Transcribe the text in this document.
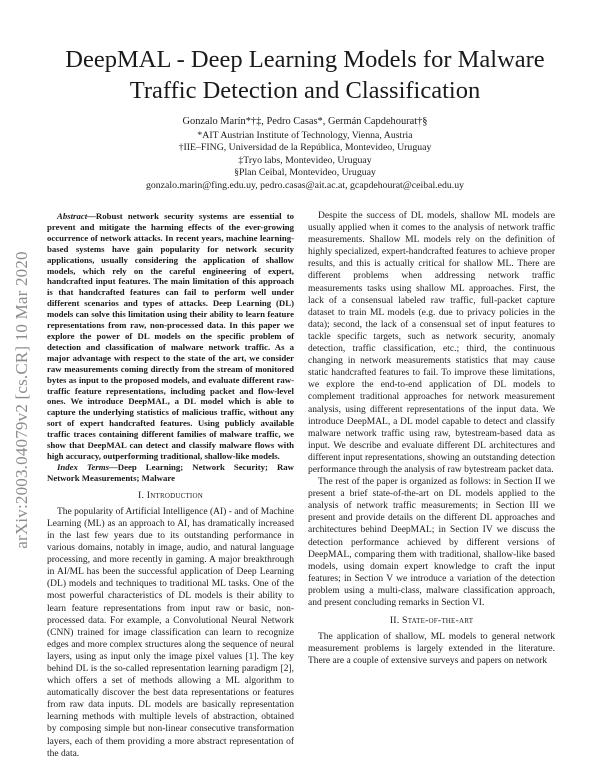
arXiv:2003.04079v2 [cs.CR] 10 Mar 2020
DeepMAL - Deep Learning Models for Malware Traffic Detection and Classification
Gonzalo Marín*†‡, Pedro Casas*, Germán Capdehourat†§
*AIT Austrian Institute of Technology, Vienna, Austria
†IIE–FING, Universidad de la República, Montevideo, Uruguay
‡Tryo labs, Montevideo, Uruguay
§Plan Ceibal, Montevideo, Uruguay
gonzalo.marin@fing.edu.uy, pedro.casas@ait.ac.at, gcapdehourat@ceibal.edu.uy

Abstract—Robust network security systems are essential to prevent and mitigate the harming effects of the ever-growing occurrence of network attacks. In recent years, machine learning-based systems have gain popularity for network security applications, usually considering the application of shallow models, which rely on the careful engineering of expert, handcrafted input features. The main limitation of this approach is that handcrafted features can fail to perform well under different scenarios and types of attacks. Deep Learning (DL) models can solve this limitation using their ability to learn feature representations from raw, non-processed data. In this paper we explore the power of DL models on the specific problem of detection and classification of malware network traffic. As a major advantage with respect to the state of the art, we consider raw measurements coming directly from the stream of monitored bytes as input to the proposed models, and evaluate different raw-traffic feature representations, including packet and flow-level ones. We introduce DeepMAL, a DL model which is able to capture the underlying statistics of malicious traffic, without any sort of expert handcrafted features. Using publicly available traffic traces containing different families of malware traffic, we show that DeepMAL can detect and classify malware flows with high accuracy, outperforming traditional, shallow-like models.

Index Terms—Deep Learning; Network Security; Raw Network Measurements; Malware

I. Introduction

The popularity of Artificial Intelligence (AI) - and of Machine Learning (ML) as an approach to AI, has dramatically increased in the last few years due to its outstanding performance in various domains, notably in image, audio, and natural language processing, and more recently in gaming. A major breakthrough in AI/ML has been the successful application of Deep Learning (DL) models and techniques to traditional ML tasks. One of the most powerful characteristics of DL models is their ability to learn feature representations from input raw or basic, non-processed data. For example, a Convolutional Neural Network (CNN) trained for image classification can learn to recognize edges and more complex structures along the sequence of neural layers, using as input only the image pixel values [1]. The key behind DL is the so-called representation learning paradigm [2], which offers a set of methods allowing a ML algorithm to automatically discover the best data representations or features from raw data inputs. DL models are basically representation learning methods with multiple levels of abstraction, obtained by composing simple but non-linear consecutive transformation layers, each of them providing a more abstract representation of the data.

Despite the success of DL models, shallow ML models are usually applied when it comes to the analysis of network traffic measurements. Shallow ML models rely on the definition of highly specialized, expert-handcrafted features to achieve proper results, and this is actually critical for shallow ML. There are different problems when addressing network traffic measurements tasks using shallow ML approaches. First, the lack of a consensual labeled raw traffic, full-packet capture dataset to train ML models (e.g. due to privacy policies in the data); second, the lack of a consensual set of input features to tackle specific targets, such as network security, anomaly detection, traffic classification, etc.; third, the continuous changing in network measurements statistics that may cause static handcrafted features to fail. To improve these limitations, we explore the end-to-end application of DL models to complement traditional approaches for network measurement analysis, using different representations of the input data. We introduce DeepMAL, a DL model capable to detect and classify malware network traffic using raw, bytestream-based data as input. We describe and evaluate different DL architectures and different input representations, showing an outstanding detection performance through the analysis of raw bytestream packet data.

The rest of the paper is organized as follows: in Section II we present a brief state-of-the-art on DL models applied to the analysis of network traffic measurements; in Section III we present and provide details on the different DL approaches and architectures behind DeepMAL; in Section IV we discuss the detection performance achieved by different versions of DeepMAL, comparing them with traditional, shallow-like based models, using domain expert knowledge to craft the input features; in Section V we introduce a variation of the detection problem using a multi-class, malware classification approach, and present concluding remarks in Section VI.

II. State-of-the-art

The application of shallow, ML models to general network measurement problems is largely extended in the literature. There are a couple of extensive surveys and papers on network
